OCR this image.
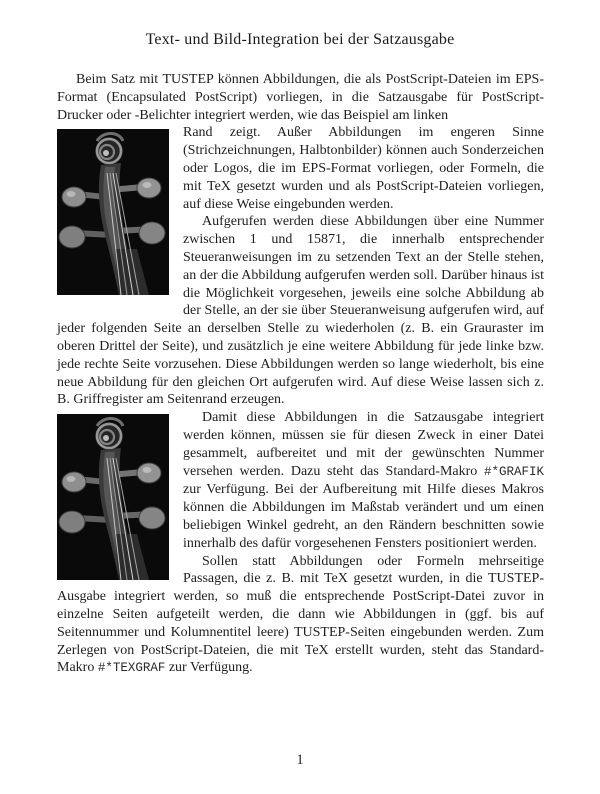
Text- und Bild-Integration bei der Satzausgabe

Beim Satz mit TUSTEP können Abbildungen, die als PostScript-Dateien im EPS-Format (Encapsulated PostScript) vorliegen, in die Satzausgabe für PostScript-Drucker oder -Belichter integriert werden, wie das Beispiel am linken

Rand zeigt. Außer Abbildungen im engeren Sinne (Strichzeichnungen, Halbtonbilder) können auch Sonderzeichen oder Logos, die im EPS-Format vorliegen, oder Formeln, die mit TeX gesetzt wurden und als PostScript-Dateien vorliegen, auf diese Weise eingebunden werden.

Aufgerufen werden diese Abbildungen über eine Nummer zwischen 1 und 15871, die innerhalb entsprechender Steueranweisungen im zu setzenden Text an der Stelle stehen, an der die Abbildung aufgerufen werden soll. Darüber hinaus ist die Möglichkeit vorgesehen, jeweils eine solche Abbildung ab der Stelle, an der sie über Steueranweisung aufgerufen wird, auf jeder folgenden Seite an derselben Stelle zu wiederholen (z. B. ein Grauraster im oberen Drittel der Seite), und zusätzlich je eine weitere Abbildung für jede linke bzw. jede rechte Seite vorzusehen. Diese Abbildungen werden so lange wiederholt, bis eine neue Abbildung für den gleichen Ort aufgerufen wird. Auf diese Weise lassen sich z. B. Griffregister am Seitenrand erzeugen.

Damit diese Abbildungen in die Satzausgabe integriert werden können, müssen sie für diesen Zweck in einer Datei gesammelt, aufbereitet und mit der gewünschten Nummer versehen werden. Dazu steht das Standard-Makro #*GRAFIK zur Verfügung. Bei der Aufbereitung mit Hilfe dieses Makros können die Abbildungen im Maßstab verändert und um einen beliebigen Winkel gedreht, an den Rändern beschnitten sowie innerhalb des dafür vorgesehenen Fensters positioniert werden.

Sollen statt Abbildungen oder Formeln mehrseitige Passagen, die z. B. mit TeX gesetzt wurden, in die TUSTEP-Ausgabe integriert werden, so muß die entsprechende PostScript-Datei zuvor in einzelne Seiten aufgeteilt werden, die dann wie Abbildungen in (ggf. bis auf Seitennummer und Kolumnentitel leere) TUSTEP-Seiten eingebunden werden. Zum Zerlegen von PostScript-Dateien, die mit TeX erstellt wurden, steht das Standard-Makro #*TEXGRAF zur Verfügung.

1
